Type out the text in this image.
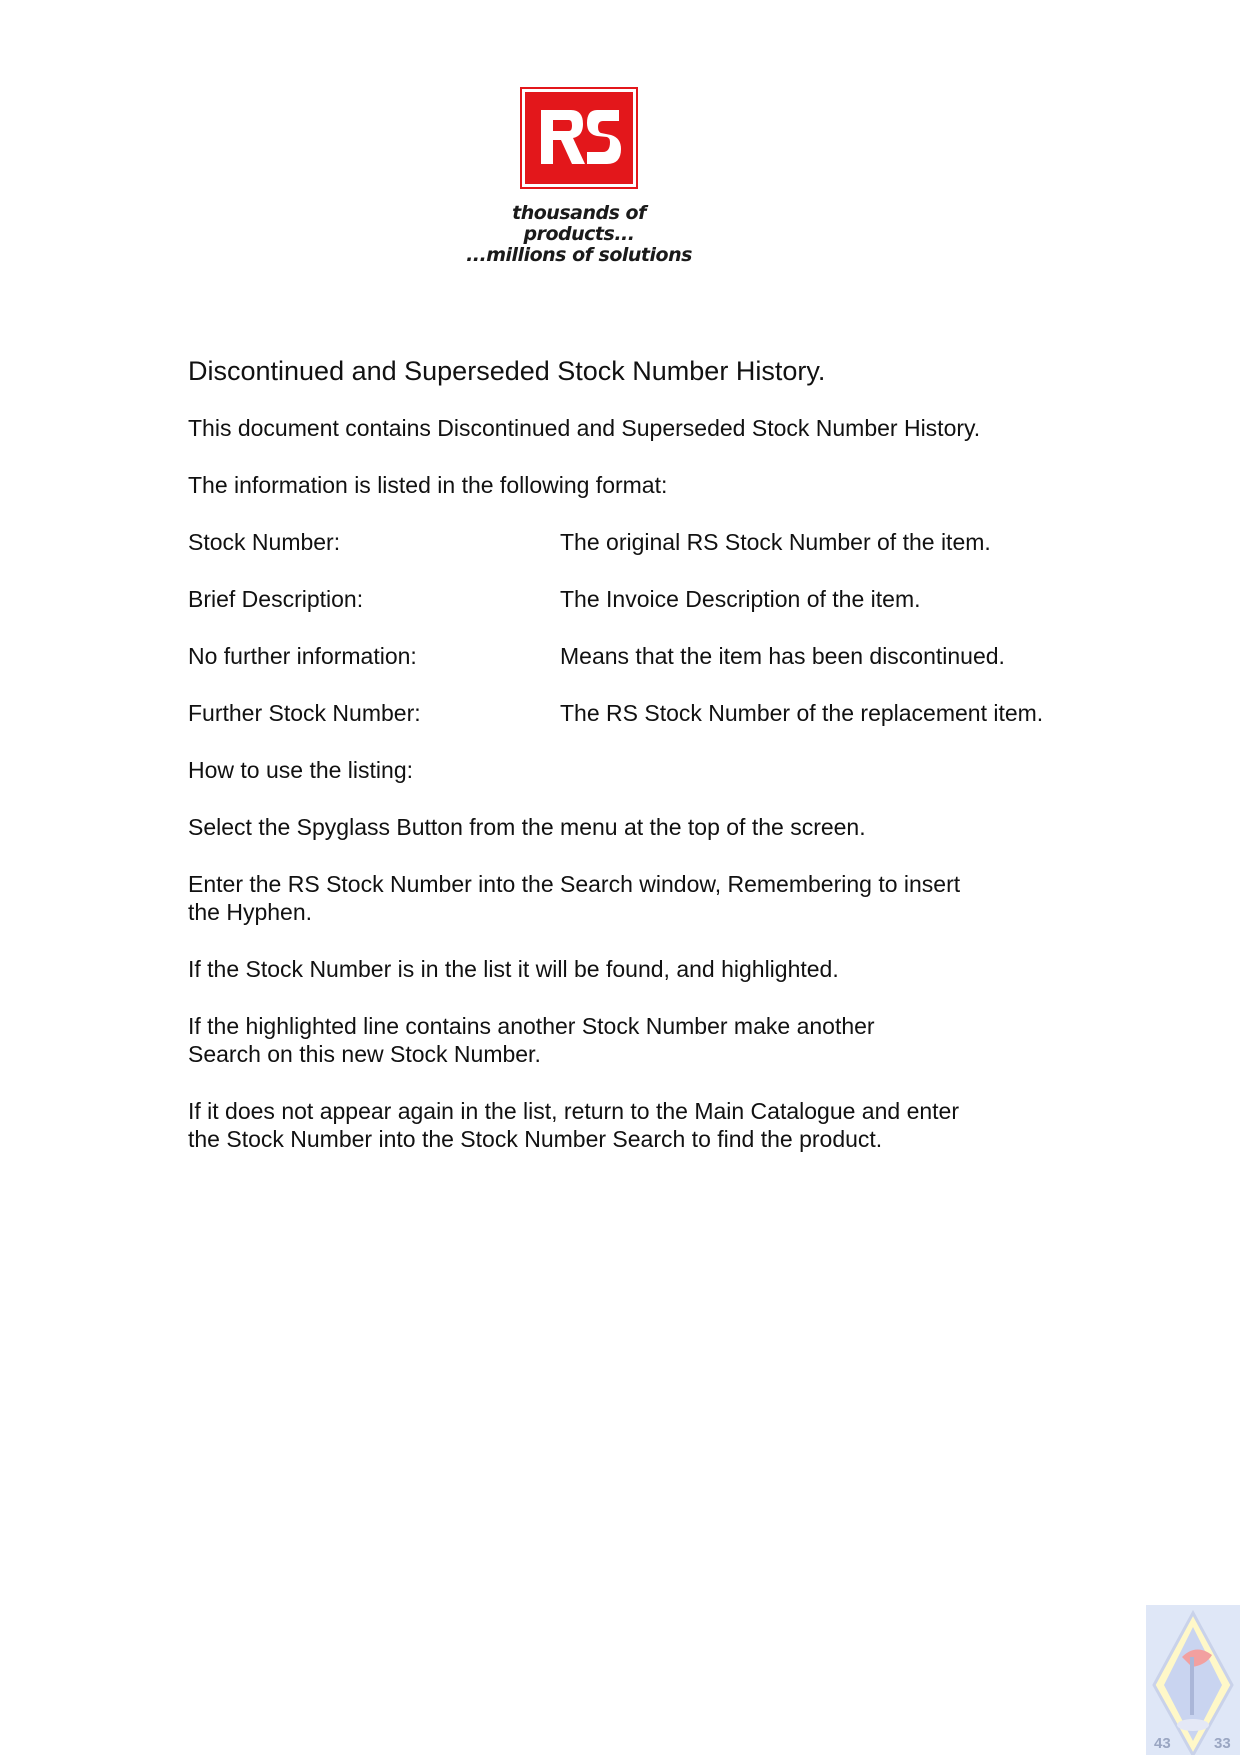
thousands of products...
...millions of solutions
Discontinued and Superseded Stock Number History.

This document contains Discontinued and Superseded Stock Number History.

The information is listed in the following format:

Stock Number:	The original RS Stock Number of the item.
Brief Description:	The Invoice Description of the item.
No further information:	Means that the item has been discontinued.
Further Stock Number:	The RS Stock Number of the replacement item.

How to use the listing:

Select the Spyglass Button from the menu at the top of the screen.

Enter the RS Stock Number into the Search window, Remembering to insert the Hyphen.

If the Stock Number is in the list it will be found, and highlighted.

If the highlighted line contains another Stock Number make another Search on this new Stock Number.

If it does not appear again in the list, return to the Main Catalogue and enter the Stock Number into the Stock Number Search to find the product.

43	33
